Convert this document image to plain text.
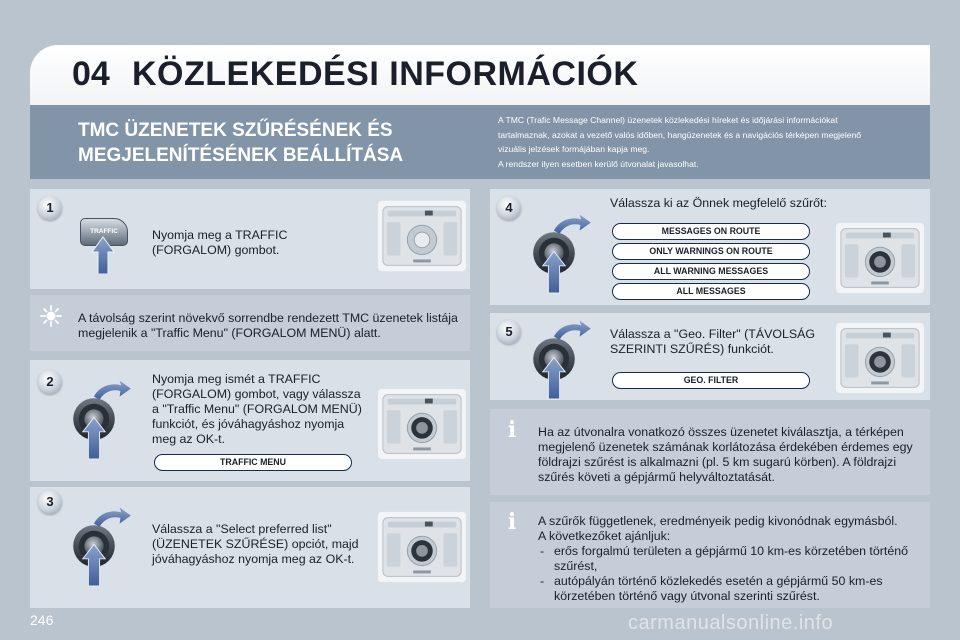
04 KÖZLEKEDÉSI INFORMÁCIÓK
TMC ÜZENETEK SZŰRÉSÉNEK ÉS
MEGJELENÍTÉSÉNEK BEÁLLÍTÁSA
A TMC (Trafic Message Channel) üzenetek közlekedési híreket és időjárási információkat
tartalmaznak, azokat a vezető valós időben, hangüzenetek és a navigációs térképen megjelenő
vizuális jelzések formájában kapja meg.
A rendszer ilyen esetben kerülő útvonalat javasolhat.
1
TRAFFIC	Nyomja meg a TRAFFIC (FORGALOM) gombot.
A távolság szerint növekvő sorrendbe rendezett TMC üzenetek listája megjelenik a "Traffic Menu" (FORGALOM MENÜ) alatt.
2	Nyomja meg ismét a TRAFFIC (FORGALOM) gombot, vagy válassza a "Traffic Menu" (FORGALOM MENÜ) funkciót, és jóváhagyáshoz nyomja meg az OK-t.
TRAFFIC MENU
3
Válassza a "Select preferred list" (ÜZENETEK SZŰRÉSE) opciót, majd jóváhagyáshoz nyomja meg az OK-t.
4	Válassza ki az Önnek megfelelő szűrőt:
MESSAGES ON ROUTE
ONLY WARNINGS ON ROUTE
ALL WARNING MESSAGES
ALL MESSAGES
5	Válassza a "Geo. Filter" (TÁVOLSÁG SZERINTI SZŰRÉS) funkciót.
GEO. FILTER
i	Ha az útvonalra vonatkozó összes üzenetet kiválasztja, a térképen megjelenő üzenetek számának korlátozása érdekében érdemes egy földrajzi szűrést is alkalmazni (pl. 5 km sugarú körben). A földrajzi szűrés követi a gépjármű helyváltoztatását.
i	A szűrők függetlenek, eredményeik pedig kivonódnak egymásból.
A következőket ajánljuk:
- erős forgalmú területen a gépjármű 10 km-es körzetében történő szűrést,
- autópályán történő közlekedés esetén a gépjármű 50 km-es körzetében történő vagy útvonal szerinti szűrést.
246	carmanualsonline.info
